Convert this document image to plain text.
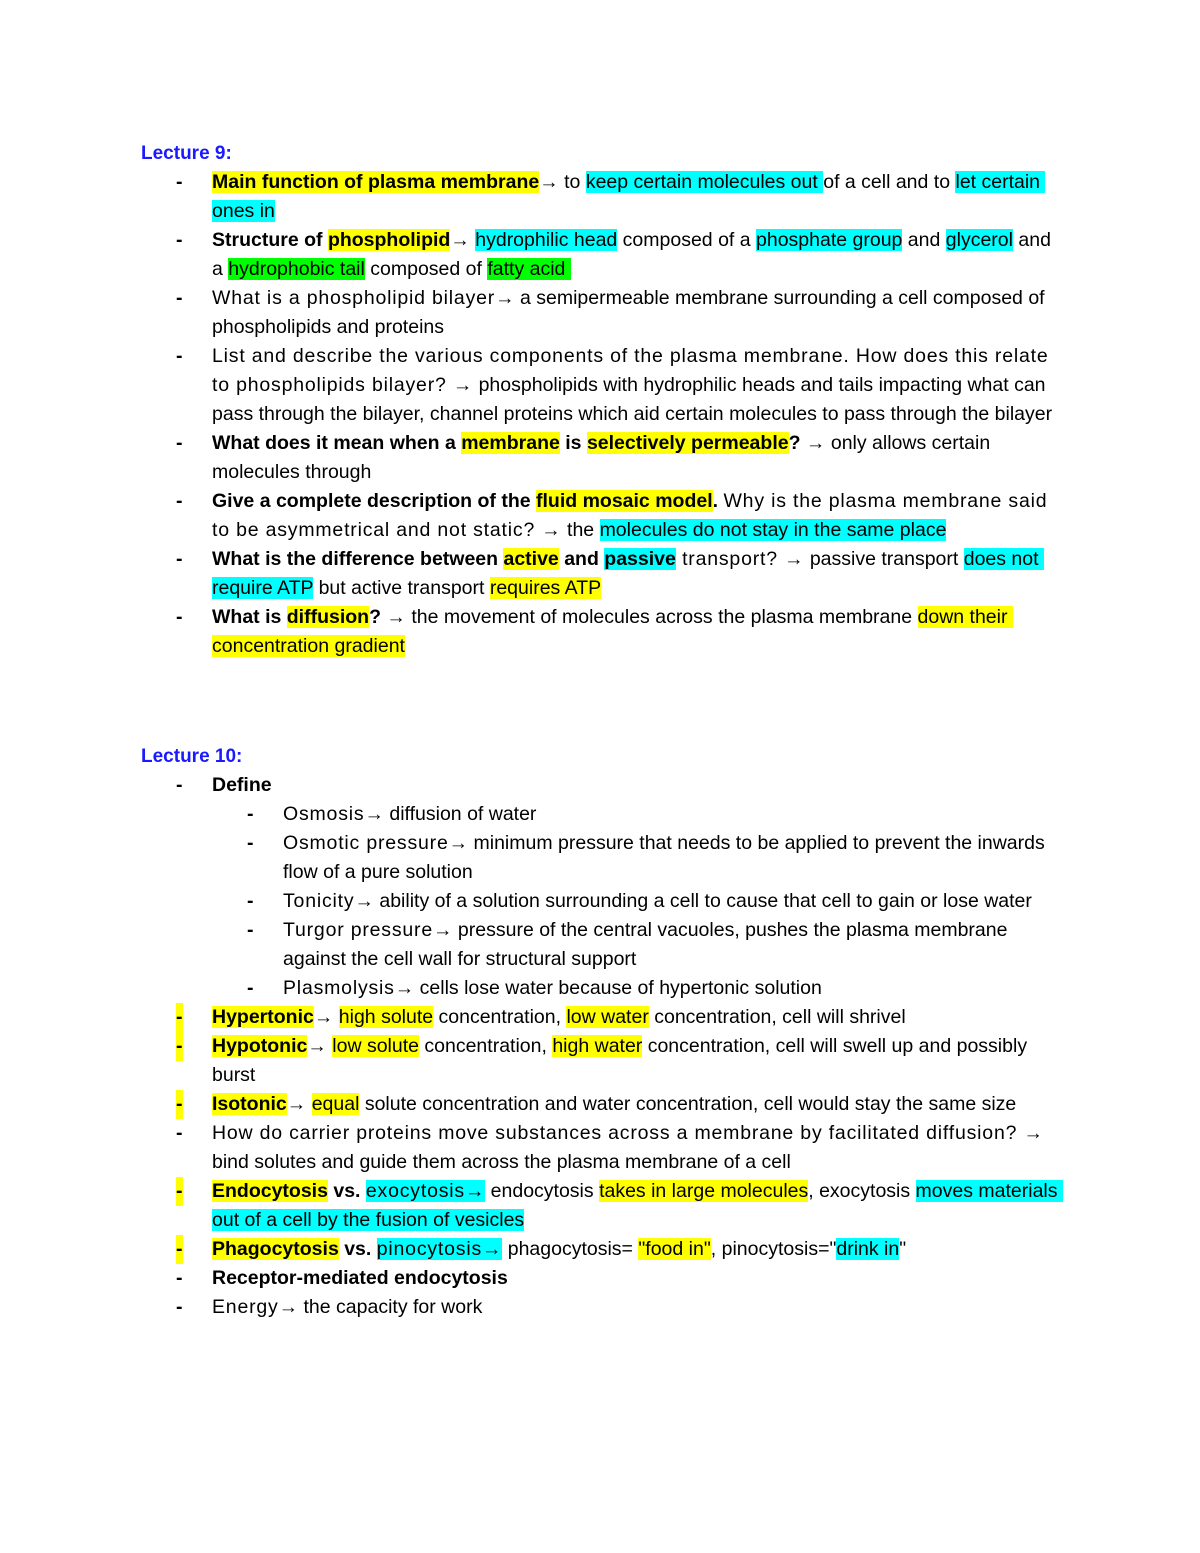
Lecture 9:
- Main function of plasma membrane→ to keep certain molecules out of a cell and to let certain ones in
- Structure of phospholipid→ hydrophilic head composed of a phosphate group and glycerol and a hydrophobic tail composed of fatty acid
- What is a phospholipid bilayer→ a semipermeable membrane surrounding a cell composed of phospholipids and proteins
- List and describe the various components of the plasma membrane. How does this relate to phospholipids bilayer? → phospholipids with hydrophilic heads and tails impacting what can pass through the bilayer, channel proteins which aid certain molecules to pass through the bilayer
- What does it mean when a membrane is selectively permeable? → only allows certain molecules through
- Give a complete description of the fluid mosaic model. Why is the plasma membrane said to be asymmetrical and not static? → the molecules do not stay in the same place
- What is the difference between active and passive transport? → passive transport does not require ATP but active transport requires ATP
- What is diffusion? → the movement of molecules across the plasma membrane down their concentration gradient
Lecture 10:
- Define
- Osmosis→ diffusion of water
- Osmotic pressure→ minimum pressure that needs to be applied to prevent the inwards flow of a pure solution
- Tonicity→ ability of a solution surrounding a cell to cause that cell to gain or lose water
- Turgor pressure→ pressure of the central vacuoles, pushes the plasma membrane against the cell wall for structural support
- Plasmolysis→ cells lose water because of hypertonic solution
- Hypertonic→ high solute concentration, low water concentration, cell will shrivel
- Hypotonic→ low solute concentration, high water concentration, cell will swell up and possibly burst
- Isotonic→ equal solute concentration and water concentration, cell would stay the same size
- How do carrier proteins move substances across a membrane by facilitated diffusion? → bind solutes and guide them across the plasma membrane of a cell
- Endocytosis vs. exocytosis→ endocytosis takes in large molecules, exocytosis moves materials out of a cell by the fusion of vesicles
- Phagocytosis vs. pinocytosis→ phagocytosis= "food in", pinocytosis="drink in"
- Receptor-mediated endocytosis
- Energy→ the capacity for work
